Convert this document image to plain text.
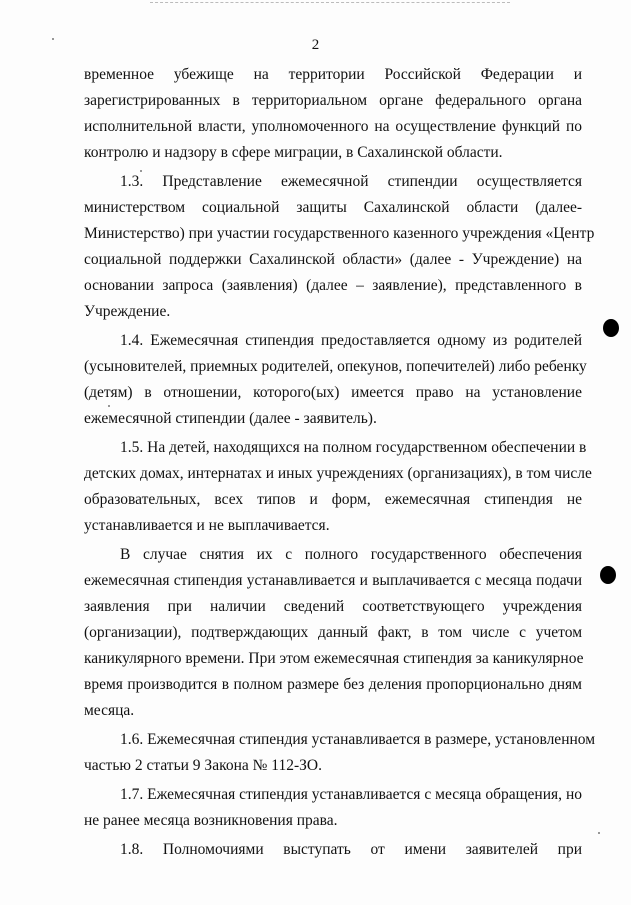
2
временное убежище на территории Российской Федерации и
зарегистрированных в территориальном органе федерального органа
исполнительной власти, уполномоченного на осуществление функций по
контролю и надзору в сфере миграции, в Сахалинской области.
1.3. Представление ежемесячной стипендии осуществляется
министерством социальной защиты Сахалинской области (далее-
Министерство) при участии государственного казенного учреждения «Центр
социальной поддержки Сахалинской области» (далее - Учреждение) на
основании запроса (заявления) (далее – заявление), представленного в
Учреждение.
1.4. Ежемесячная стипендия предоставляется одному из родителей
(усыновителей, приемных родителей, опекунов, попечителей) либо ребенку
(детям) в отношении, которого(ых) имеется право на установление
ежемесячной стипендии (далее - заявитель).
1.5. На детей, находящихся на полном государственном обеспечении в
детских домах, интернатах и иных учреждениях (организациях), в том числе
образовательных, всех типов и форм, ежемесячная стипендия не
устанавливается и не выплачивается.
В случае снятия их с полного государственного обеспечения
ежемесячная стипендия устанавливается и выплачивается с месяца подачи
заявления при наличии сведений соответствующего учреждения
(организации), подтверждающих данный факт, в том числе с учетом
каникулярного времени. При этом ежемесячная стипендия за каникулярное
время производится в полном размере без деления пропорционально дням
месяца.
1.6. Ежемесячная стипендия устанавливается в размере, установленном
частью 2 статьи 9 Закона № 112-ЗО.
1.7. Ежемесячная стипендия устанавливается с месяца обращения, но
не ранее месяца возникновения права.
1.8. Полномочиями выступать от имени заявителей при
